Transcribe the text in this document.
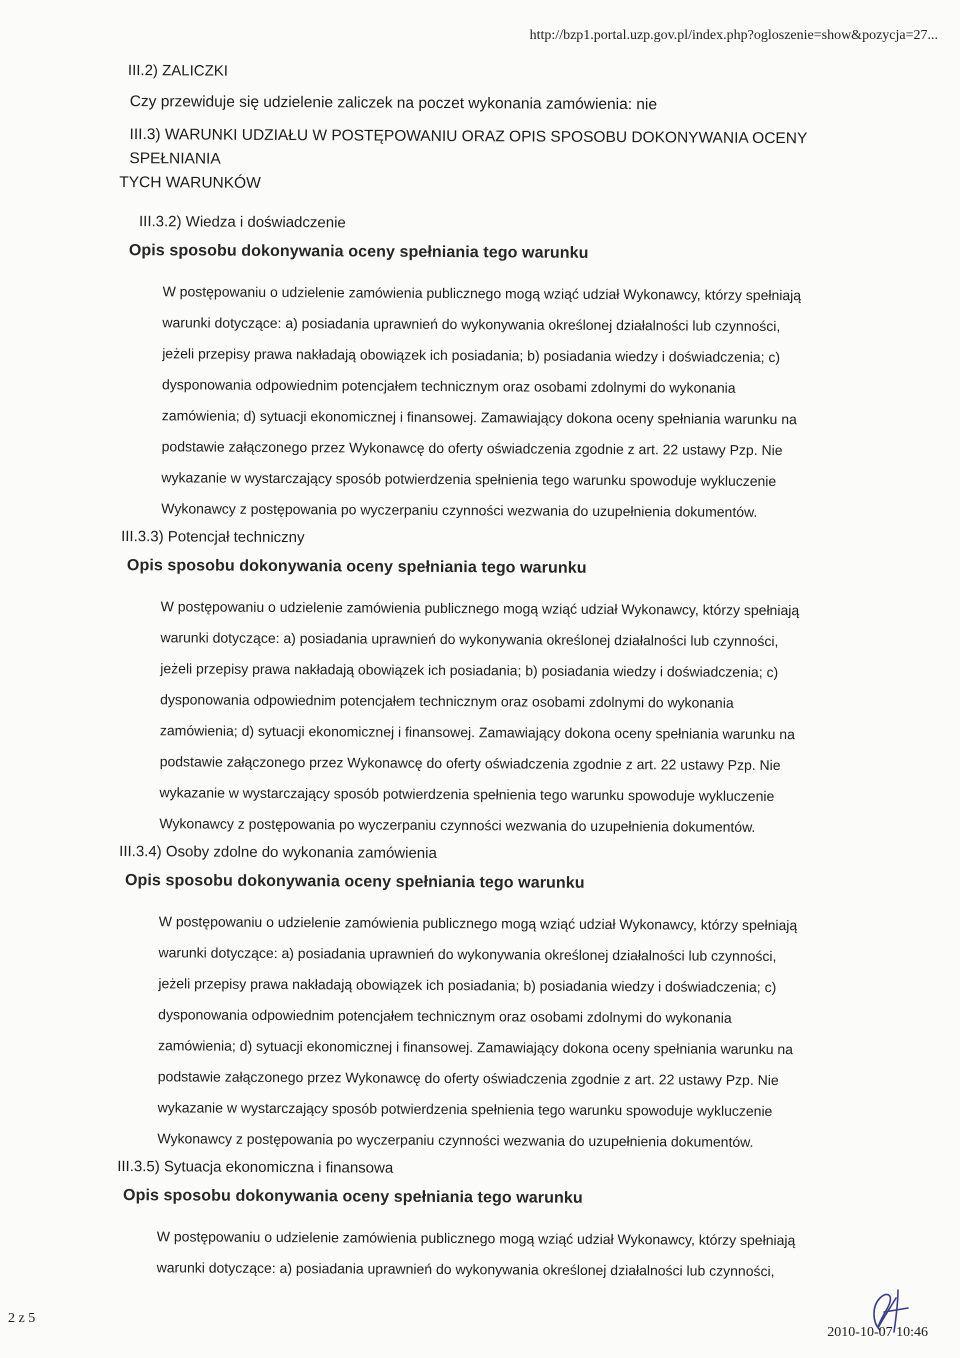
http://bzp1.portal.uzp.gov.pl/index.php?ogloszenie=show&pozycja=27...
III.2) ZALICZKI
Czy przewiduje się udzielenie zaliczek na poczet wykonania zamówienia: nie
III.3) WARUNKI UDZIAŁU W POSTĘPOWANIU ORAZ OPIS SPOSOBU DOKONYWANIA OCENY SPEŁNIANIA
TYCH WARUNKÓW
III.3.2) Wiedza i doświadczenie
Opis sposobu dokonywania oceny spełniania tego warunku
W postępowaniu o udzielenie zamówienia publicznego mogą wziąć udział Wykonawcy, którzy spełniają
warunki dotyczące: a) posiadania uprawnień do wykonywania określonej działalności lub czynności,
jeżeli przepisy prawa nakładają obowiązek ich posiadania; b) posiadania wiedzy i doświadczenia; c)
dysponowania odpowiednim potencjałem technicznym oraz osobami zdolnymi do wykonania
zamówienia; d) sytuacji ekonomicznej i finansowej. Zamawiający dokona oceny spełniania warunku na
podstawie załączonego przez Wykonawcę do oferty oświadczenia zgodnie z art. 22 ustawy Pzp. Nie
wykazanie w wystarczający sposób potwierdzenia spełnienia tego warunku spowoduje wykluczenie
Wykonawcy z postępowania po wyczerpaniu czynności wezwania do uzupełnienia dokumentów.
III.3.3) Potencjał techniczny
Opis sposobu dokonywania oceny spełniania tego warunku
W postępowaniu o udzielenie zamówienia publicznego mogą wziąć udział Wykonawcy, którzy spełniają
warunki dotyczące: a) posiadania uprawnień do wykonywania określonej działalności lub czynności,
jeżeli przepisy prawa nakładają obowiązek ich posiadania; b) posiadania wiedzy i doświadczenia; c)
dysponowania odpowiednim potencjałem technicznym oraz osobami zdolnymi do wykonania
zamówienia; d) sytuacji ekonomicznej i finansowej. Zamawiający dokona oceny spełniania warunku na
podstawie załączonego przez Wykonawcę do oferty oświadczenia zgodnie z art. 22 ustawy Pzp. Nie
wykazanie w wystarczający sposób potwierdzenia spełnienia tego warunku spowoduje wykluczenie
Wykonawcy z postępowania po wyczerpaniu czynności wezwania do uzupełnienia dokumentów.
III.3.4) Osoby zdolne do wykonania zamówienia
Opis sposobu dokonywania oceny spełniania tego warunku
W postępowaniu o udzielenie zamówienia publicznego mogą wziąć udział Wykonawcy, którzy spełniają
warunki dotyczące: a) posiadania uprawnień do wykonywania określonej działalności lub czynności,
jeżeli przepisy prawa nakładają obowiązek ich posiadania; b) posiadania wiedzy i doświadczenia; c)
dysponowania odpowiednim potencjałem technicznym oraz osobami zdolnymi do wykonania
zamówienia; d) sytuacji ekonomicznej i finansowej. Zamawiający dokona oceny spełniania warunku na
podstawie załączonego przez Wykonawcę do oferty oświadczenia zgodnie z art. 22 ustawy Pzp. Nie
wykazanie w wystarczający sposób potwierdzenia spełnienia tego warunku spowoduje wykluczenie
Wykonawcy z postępowania po wyczerpaniu czynności wezwania do uzupełnienia dokumentów.
III.3.5) Sytuacja ekonomiczna i finansowa
Opis sposobu dokonywania oceny spełniania tego warunku
W postępowaniu o udzielenie zamówienia publicznego mogą wziąć udział Wykonawcy, którzy spełniają
warunki dotyczące: a) posiadania uprawnień do wykonywania określonej działalności lub czynności,
2 z 5
2010-10-07 10:46
